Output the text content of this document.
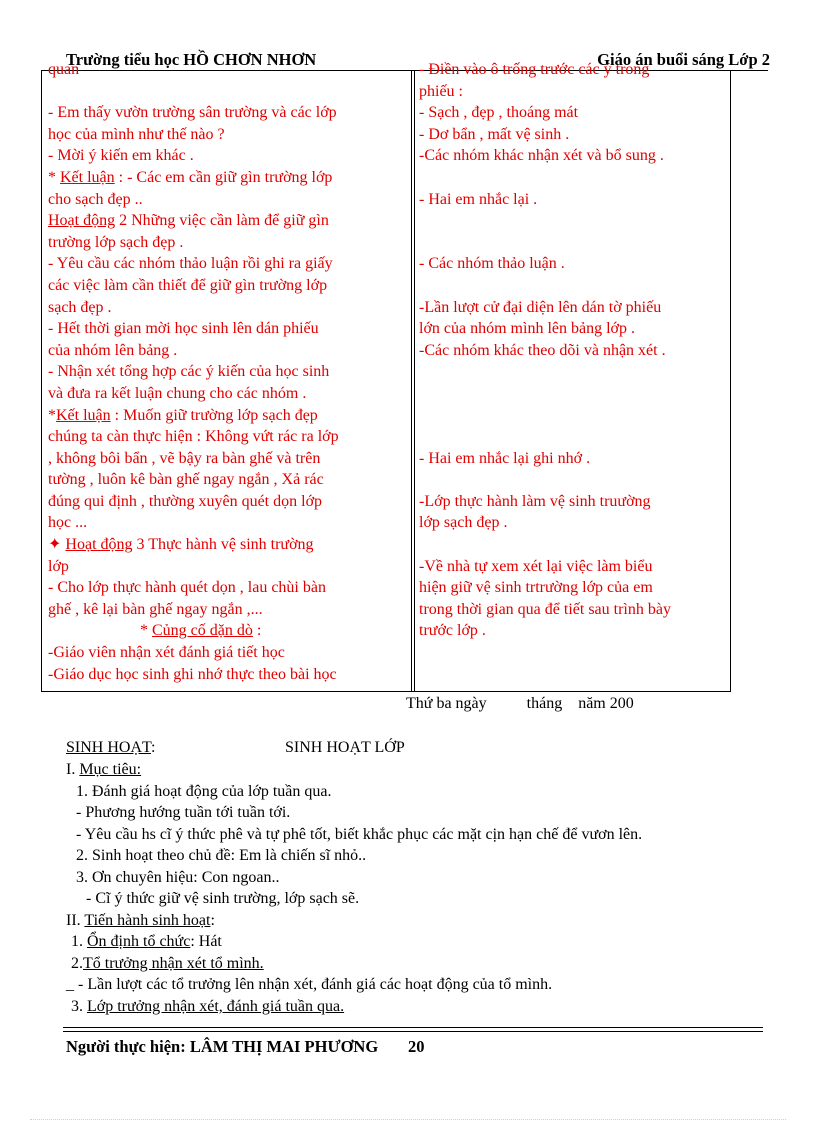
Trường tiểu học HỒ CHƠN NHƠN	Giáo án buổi sáng Lớp 2
quan
- Em thấy vườn trường sân trường và các lớp
học của mình như thế nào ?
- Mời ý kiến em khác .
* Kết luận : - Các em cần giữ gìn trường lớp
cho sạch đẹp ..
Hoạt động 2 Những việc cần làm để giữ gìn
trường lớp sạch đẹp .
- Yêu cầu các nhóm thảo luận rồi ghi ra giấy
các việc làm cần thiết để giữ gìn trường lớp
sạch đẹp .
- Hết thời gian mời học sinh lên dán phiếu
của nhóm lên bảng .
- Nhận xét tổng hợp các ý kiến của học sinh
và đưa ra kết luận chung cho các nhóm .
*Kết luận : Muốn giữ trường lớp sạch đẹp
chúng ta càn thực hiện : Không vứt rác ra lớp
, không bôi bẩn , vẽ bậy ra bàn ghế và trên
tường , luôn kê bàn ghế ngay ngắn , Xả rác
đúng qui định , thường xuyên quét dọn lớp
học ...
✦ Hoạt động 3 Thực hành vệ sinh trường
lớp
- Cho lớp thực hành quét dọn , lau chùi bàn
ghế , kê lại bàn ghế ngay ngắn ,...
* Củng cố dặn dò :
-Giáo viên nhận xét đánh giá tiết học
-Giáo dục học sinh ghi nhớ thực theo bài học
- Điền vào ô trống trước các ý trong
phiếu :
- Sạch , đẹp , thoáng mát
- Dơ bẩn , mất vệ sinh .
-Các nhóm khác nhận xét và bổ sung .
- Hai em nhắc lại .
- Các nhóm thảo luận .
-Lần lượt cử đại diện lên dán tờ phiếu
lớn của nhóm mình lên bảng lớp .
-Các nhóm khác theo dõi và nhận xét .
- Hai em nhắc lại ghi nhớ .
-Lớp thực hành làm vệ sinh truường
lớp sạch đẹp .
-Về nhà tự xem xét lại việc làm biểu
hiện giữ vệ sinh trtrường lớp của em
trong thời gian qua để tiết sau trình bày
trước lớp .
Thứ ba ngày          tháng    năm 200
SINH HOẠT:	SINH HOẠT LỚP
I. Mục tiêu:
1. Đánh giá hoạt động của lớp tuần qua.
- Phương hướng tuần tới tuần tới.
- Yêu cầu hs cĩ ý thức phê và tự phê tốt, biết khắc phục các mặt cịn hạn chế để vươn lên.
2. Sinh hoạt theo chủ đề: Em là chiến sĩ nhỏ..
3. Ơn chuyên hiệu: Con ngoan..
- Cĩ ý thức giữ vệ sinh trường, lớp sạch sẽ.
II. Tiến hành sinh hoạt:
1. Ổn định tổ chức: Hát
2.Tổ trưởng nhận xét tổ mình.
_ - Lần lượt các tổ trưởng lên nhận xét, đánh giá các hoạt động của tổ mình.
3. Lớp trưởng nhận xét, đánh giá tuần qua.
Người thực hiện: LÂM THỊ MAI PHƯƠNG 20
